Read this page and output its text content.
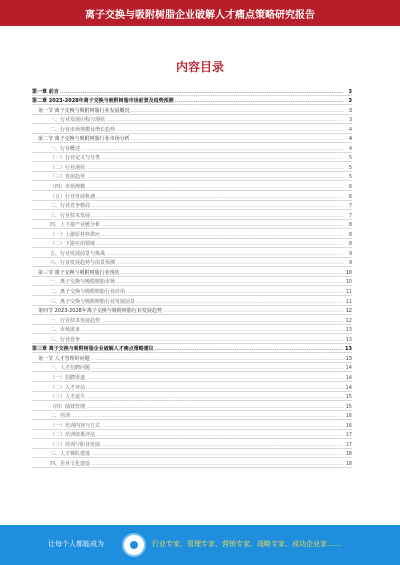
离子交换与吸附树脂企业破解人才痛点策略研究报告
内容目录
第一章 前言 .....	3
第二章 2023-2028年离子交换与吸附树脂市场前景及趋势预测 .....	3
第一节 离子交换与吸附树脂行业发展概况 .....	3
一、行业发展历程与现状 .....	3
二、行业市场规模及增长趋势 .....	4
第二节 离子交换与吸附树脂行业市场分析 .....	4
一、行业概述 .....	4
（一）行业定义与分类 .....	5
（二）行业现状 .....	5
（三）发展趋势 .....	5
（四）市场规模 .....	6
（五）行业发展机遇 .....	6
二、行业竞争格局 .....	7
三、行业技术发展 .....	7
四、上下游产业链分析 .....	8
（一）上游原材料供应 .....	8
（二）下游应用领域 .....	8
五、行业发展前景与挑战 .....	9
六、行业发展趋势与前景预测 .....	9
第三节 离子交换与吸附树脂行业现状 .....	10
一、离子交换与吸附树脂市场 .....	10
二、离子交换与吸附树脂行业应用 .....	11
三、离子交换与吸附树脂行业发展前景 .....	11
第四节 2023-2028年离子交换与吸附树脂行业发展趋势 .....	12
一、行业技术发展趋势 .....	12
二、市场需求 .....	13
三、行业竞争 .....	13
第三章 离子交换与吸附树脂企业破解人才痛点策略建议 .....	13
第一节 人才管理的问题 .....	13
一、人才招聘问题 .....	14
（一）招聘渠道 .....	14
（二）人才评估 .....	14
（三）人才流失 .....	15
（四）绩效管理 .....	15
二、培训 .....	16
（一）培训内容与方式 .....	16
（二）培训效果评估 .....	17
（三）培训与职业发展 .....	17
三、人才梯队建设 .....	18
四、企业文化建设 .....	18
让每个人都能成为	行业专家、管理专家、营销专家、战略专家、成功企业家……
